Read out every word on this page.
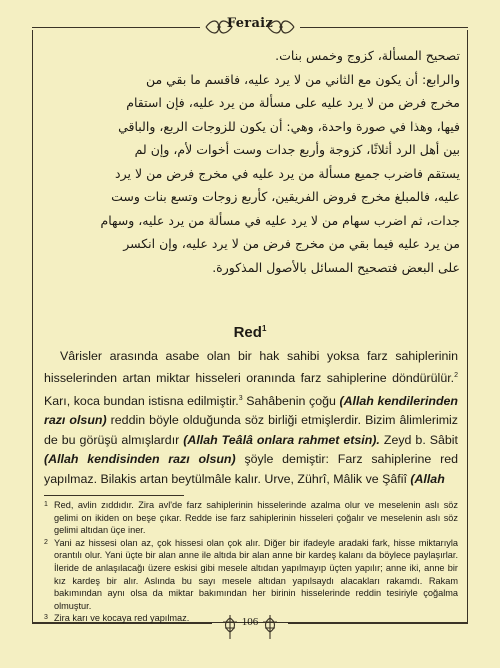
Feraiz

تصحيح المسألة، كزوج وخمس بنات.

والرابع: أن يكون مع الثاني من لا يرد عليه، فاقسم ما بقي من

مخرج فرض من لا يرد عليه على مسألة من يرد عليه، فإن استقام

فيها، وهذا في صورة واحدة، وهي: أن يكون للزوجات الربع، والباقي

بين أهل الرد أثلاثًا، كزوجة وأربع جدات وست أخوات لأم، وإن لم

يستقم فاضرب جميع مسألة من يرد عليه في مخرج فرض من لا يرد

عليه، فالمبلغ مخرج فروض الفريقين، كأربع زوجات وتسع بنات وست

جدات، ثم اضرب سهام من لا يرد عليه في مسألة من يرد عليه، وسهام

من يرد عليه فيما بقي من مخرج فرض من لا يرد عليه، وإن انكسر

على البعض فتصحيح المسائل بالأصول المذكورة.

Red$^1$
Vârisler arasında asabe olan bir hak sahibi yoksa farz sahiplerinin hisselerinden artan miktar hisseleri oranında farz sahiplerine döndürülür.$^2$ Karı, koca bundan istisna edilmiştir.$^3$ Sahâbenin çoğu (Allah kendilerinden razı olsun) reddin böyle olduğunda söz birliği etmişlerdir. Bizim âlimlerimiz de bu görüşü almışlardır (Allah Teâlâ onlara rahmet etsin). Zeyd b. Sâbit (Allah kendisinden razı olsun) şöyle demiştir: Farz sahiplerine red yapılmaz. Bilakis artan beytülmâle kalır. Urve, Zührî, Mâlik ve Şâfiî (Allah
1 Red, avlin zıddıdır. Zira avl'de farz sahiplerinin hisselerinde azalma olur ve meselenin aslı söz gelimi on ikiden on beşe çıkar. Redde ise farz sahiplerinin hisseleri çoğalır ve meselenin aslı söz gelimi altıdan üçe iner.
2 Yani az hissesi olan az, çok hissesi olan çok alır. Diğer bir ifadeyle aradaki fark, hisse miktarıyla orantılı olur. Yani üçte bir alan anne ile altıda bir alan anne bir kardeş kalanı da böylece paylaşırlar. İleride de anlaşılacağı üzere eskisi gibi mesele altıdan yapılmayıp üçten yapılır; anne iki, anne bir kız kardeş bir alır. Aslında bu sayı mesele altıdan yapılsaydı alacakları rakamdı. Rakam bakımından aynı olsa da miktar bakımından her birinin hisselerinde reddin tesiriyle çoğalma olmuştur.
3 Zira karı ve kocaya red yapılmaz.	106
